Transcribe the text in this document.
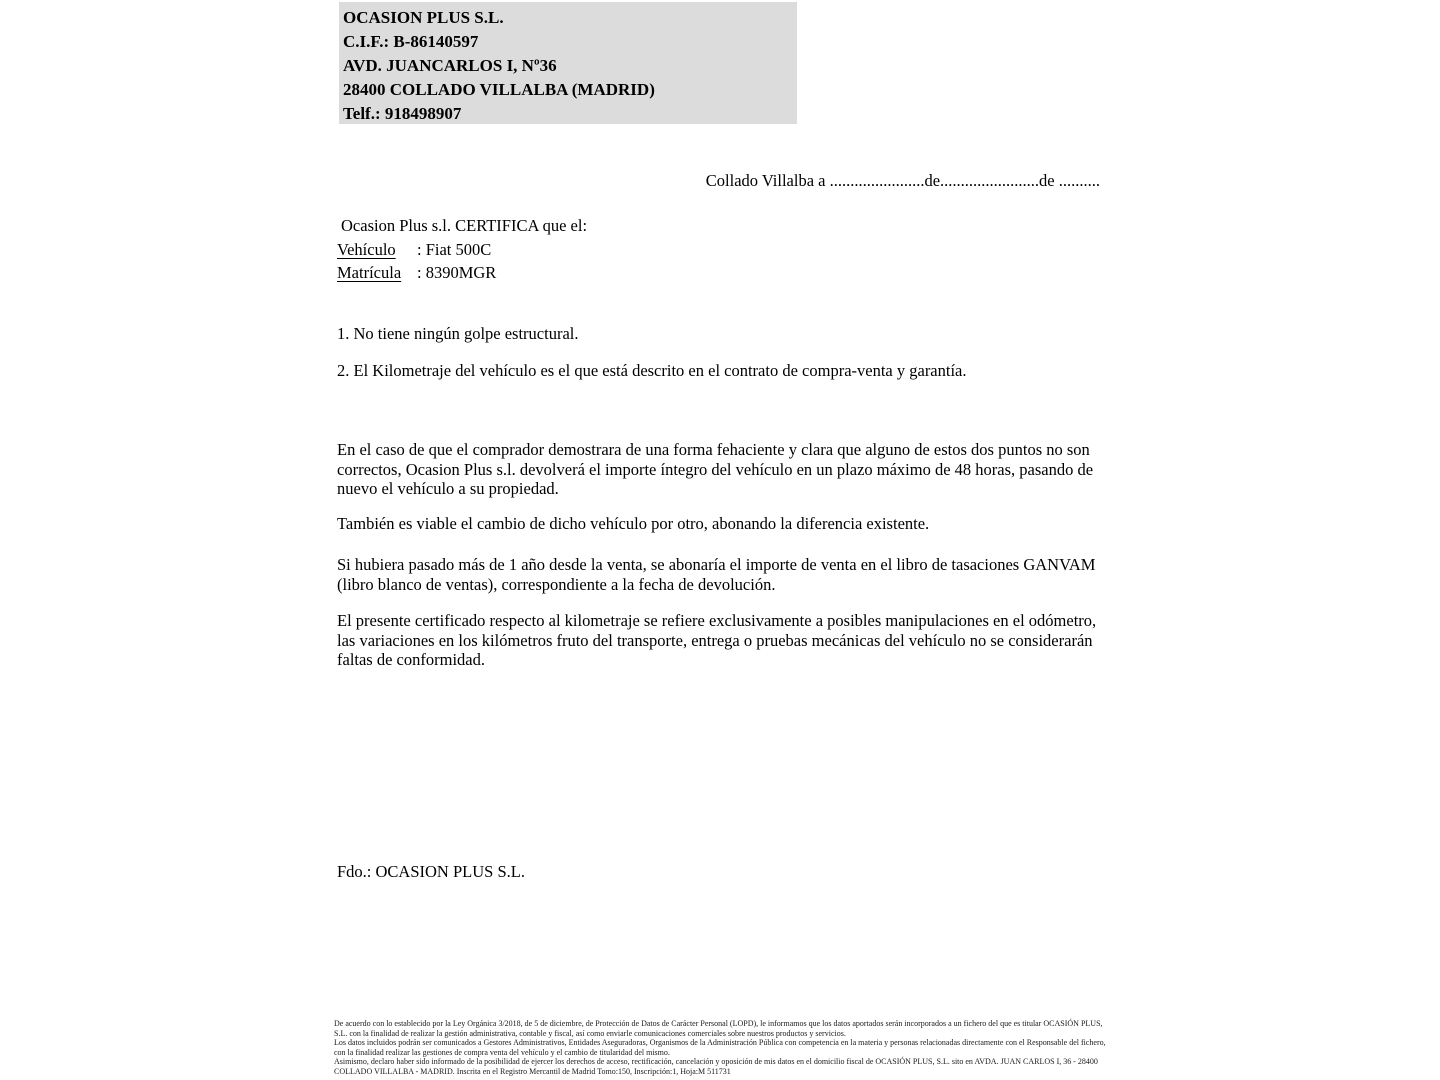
OCASION PLUS S.L.
C.I.F.: B-86140597
AVD. JUANCARLOS I, Nº36
28400 COLLADO VILLALBA (MADRID)
Telf.: 918498907
Collado Villalba a .......................de........................de ..........
Ocasion Plus s.l. CERTIFICA que el:
Vehículo : Fiat 500C
Matrícula : 8390MGR
1. No tiene ningún golpe estructural.
2. El Kilometraje del vehículo es el que está descrito en el contrato de compra-venta y garantía.
En el caso de que el comprador demostrara de una forma fehaciente y clara que alguno de estos dos puntos no son correctos, Ocasion Plus s.l. devolverá el importe íntegro del vehículo en un plazo máximo de 48 horas, pasando de nuevo el vehículo a su propiedad.
También es viable el cambio de dicho vehículo por otro, abonando la diferencia existente.
Si hubiera pasado más de 1 año desde la venta, se abonaría el importe de venta en el libro de tasaciones GANVAM (libro blanco de ventas), correspondiente a la fecha de devolución.
El presente certificado respecto al kilometraje se refiere exclusivamente a posibles manipulaciones en el odómetro, las variaciones en los kilómetros fruto del transporte, entrega o pruebas mecánicas del vehículo no se considerarán faltas de conformidad.
Fdo.: OCASION PLUS S.L.
De acuerdo con lo establecido por la Ley Orgánica 3/2018, de 5 de diciembre, de Protección de Datos de Carácter Personal (LOPD), le informamos que los datos aportados serán incorporados a un fichero del que es titular OCASIÓN PLUS, S.L. con la finalidad de realizar la gestión administrativa, contable y fiscal, así como enviarle comunicaciones comerciales sobre nuestros productos y servicios.
Los datos incluidos podrán ser comunicados a Gestores Administrativos, Entidades Aseguradoras, Organismos de la Administración Pública con competencia en la materia y personas relacionadas directamente con el Responsable del fichero, con la finalidad realizar las gestiones de compra venta del vehículo y el cambio de titularidad del mismo.
Asimismo, declaro haber sido informado de la posibilidad de ejercer los derechos de acceso, rectificación, cancelación y oposición de mis datos en el domicilio fiscal de OCASIÓN PLUS, S.L. sito en AVDA. JUAN CARLOS I, 36 - 28400 COLLADO VILLALBA - MADRID. Inscrita en el Registro Mercantil de Madrid Tomo:150, Inscripción:1, Hoja:M 511731
